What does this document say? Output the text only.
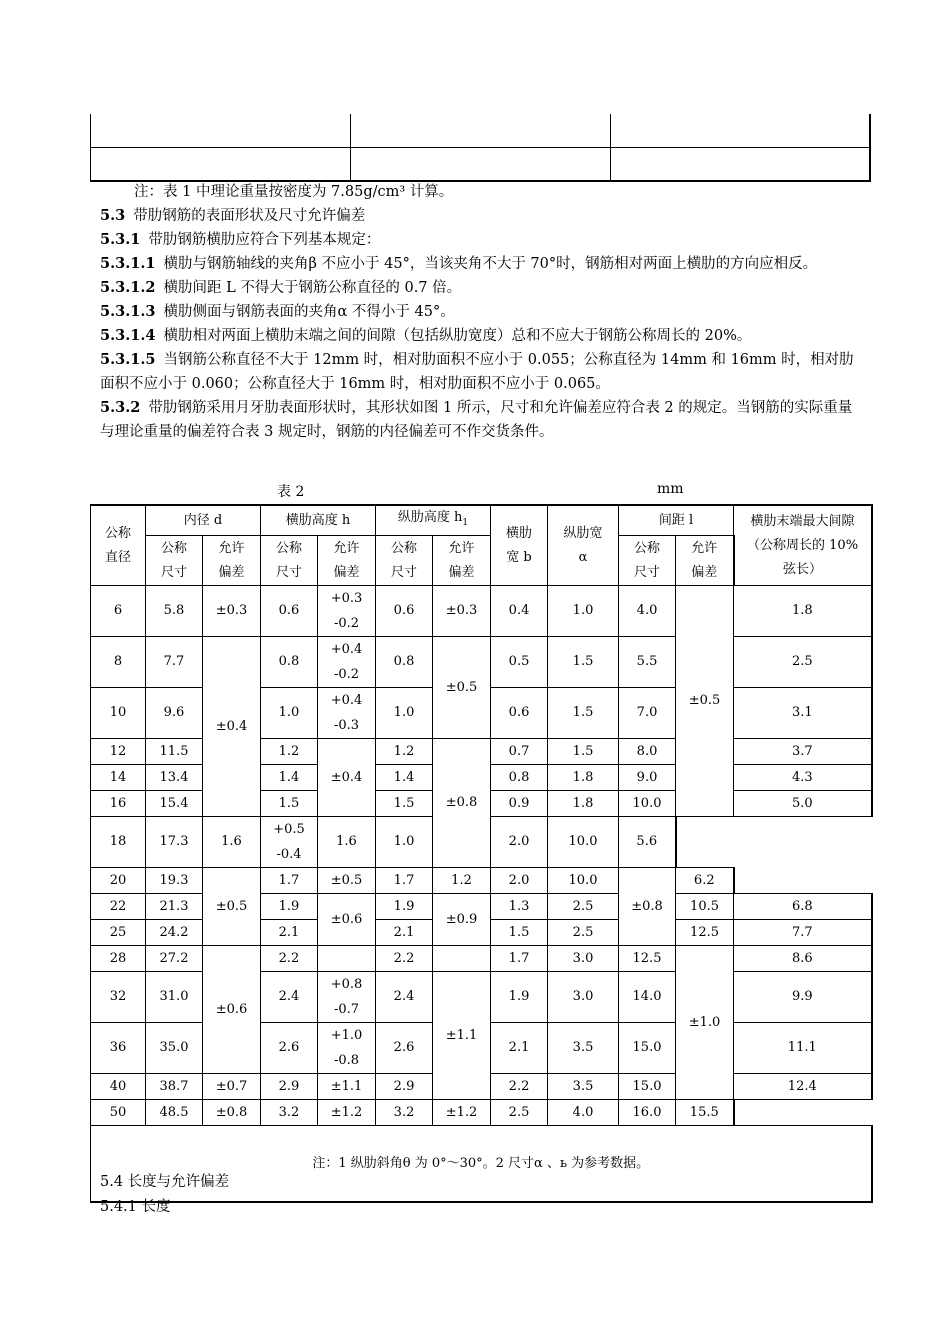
注：表 1 中理论重量按密度为 7.85g/cm³ 计算。

5.3 带肋钢筋的表面形状及尺寸允许偏差

5.3.1 带肋钢筋横肋应符合下列基本规定：

5.3.1.1 横肋与钢筋轴线的夹角β 不应小于 45°，当该夹角不大于 70°时，钢筋相对两面上横肋的方向应相反。

5.3.1.2 横肋间距 L 不得大于钢筋公称直径的 0.7 倍。

5.3.1.3 横肋侧面与钢筋表面的夹角α 不得小于 45°。

5.3.1.4 横肋相对两面上横肋末端之间的间隙（包括纵肋宽度）总和不应大于钢筋公称周长的 20%。

5.3.1.5 当钢筋公称直径不大于 12mm 时，相对肋面积不应小于 0.055；公称直径为 14mm 和 16mm 时，相对肋面积不应小于 0.060；公称直径大于 16mm 时，相对肋面积不应小于 0.065。

5.3.2 带肋钢筋采用月牙肋表面形状时，其形状如图 1 所示，尺寸和允许偏差应符合表 2 的规定。当钢筋的实际重量与理论重量的偏差符合表 3 规定时，钢筋的内径偏差可不作交货条件。

表 2	mm
公称直径	内径 d		横肋高度 h		纵肋高度 $h_1$		横肋宽 b	纵肋宽 α	间距 l		横肋末端最大间隙（公称周长的 10%弦长）
	公称尺寸	允许偏差	公称尺寸	允许偏差	公称尺寸	允许偏差			公称尺寸	允许偏差	

6	5.8	±0.3	0.6	+0.3
-0.2	0.6	±0.3	0.4	1.0	4.0	±0.5	1.8
8	7.7	±0.4	0.8	+0.4
-0.2	0.8	±0.5	0.5	1.5	5.5		2.5
10	9.6		1.0	+0.4
-0.3	1.0		0.6	1.5	7.0		3.1
12	11.5		1.2	±0.4	1.2	±0.8	0.7	1.5	8.0		3.7
14	13.4		1.4		1.4		0.8	1.8	9.0		4.3
16	15.4		1.5		1.5		0.9	1.8	10.0		5.0
18	17.3	1.6	+0.5
-0.4	1.6	1.0		2.0	10.0	5.6		
20	19.3	±0.5	1.7	±0.5	1.7	1.2	2.0	10.0	±0.8	6.2	
22	21.3		1.9	±0.6	1.9	±0.9	1.3	2.5		10.5	6.8
25	24.2		2.1		2.1		1.5	2.5		12.5	7.7
28	27.2	±0.6	2.2		2.2		1.7	3.0	12.5	±1.0	8.6
32	31.0		2.4	+0.8
-0.7	2.4	±1.1	1.9	3.0	14.0		9.9
36	35.0		2.6	+1.0
-0.8	2.6		2.1	3.5	15.0		11.1
40	38.7	±0.7	2.9	±1.1	2.9		2.2	3.5	15.0		12.4
50	48.5	±0.8	3.2	±1.2	3.2	±1.2	2.5	4.0	16.0	15.5	
注：1 纵肋斜角θ 为 0°～30°。2 尺寸α 、ь 为参考数据。											
5.4 长度与允许偏差
5.4.1 长度
